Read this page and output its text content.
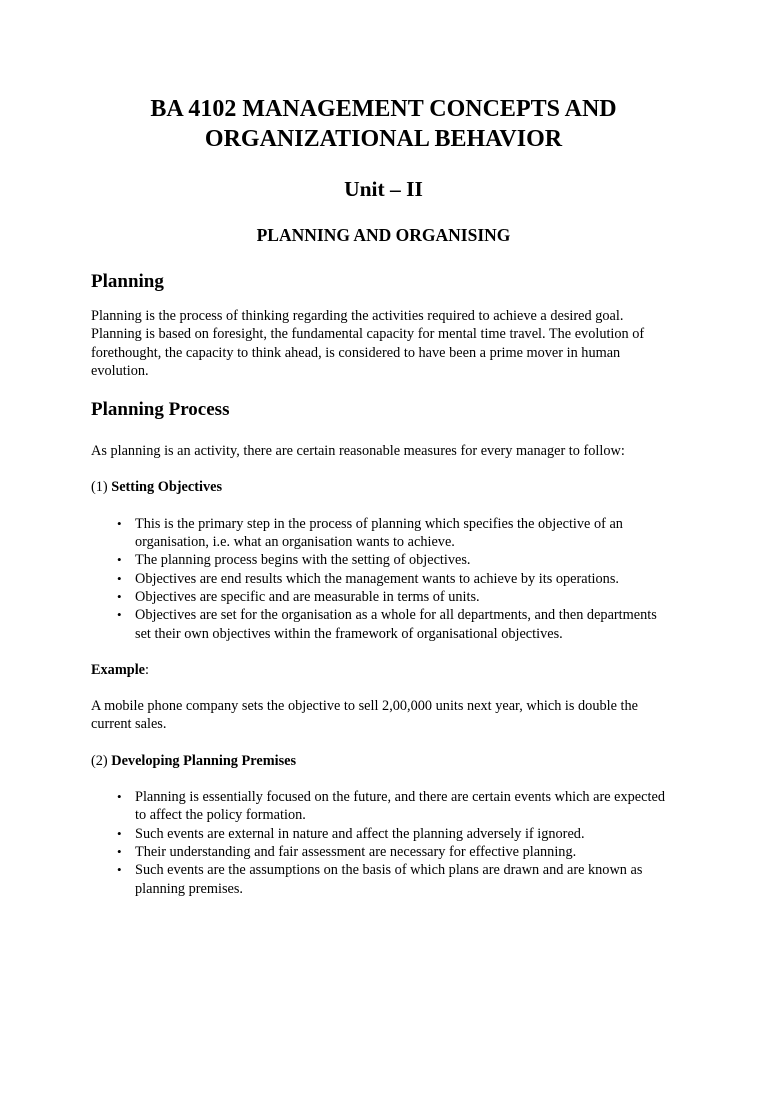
BA 4102 MANAGEMENT CONCEPTS AND ORGANIZATIONAL BEHAVIOR
Unit – II
PLANNING AND ORGANISING
Planning

Planning is the process of thinking regarding the activities required to achieve a desired goal. Planning is based on foresight, the fundamental capacity for mental time travel. The evolution of forethought, the capacity to think ahead, is considered to have been a prime mover in human evolution.

Planning Process

As planning is an activity, there are certain reasonable measures for every manager to follow:

(1) Setting Objectives

• This is the primary step in the process of planning which specifies the objective of an organisation, i.e. what an organisation wants to achieve.
• The planning process begins with the setting of objectives.
• Objectives are end results which the management wants to achieve by its operations.
• Objectives are specific and are measurable in terms of units.
• Objectives are set for the organisation as a whole for all departments, and then departments set their own objectives within the framework of organisational objectives.

Example:

A mobile phone company sets the objective to sell 2,00,000 units next year, which is double the current sales.

(2) Developing Planning Premises

• Planning is essentially focused on the future, and there are certain events which are expected to affect the policy formation.
• Such events are external in nature and affect the planning adversely if ignored.
• Their understanding and fair assessment are necessary for effective planning.
• Such events are the assumptions on the basis of which plans are drawn and are known as planning premises.
